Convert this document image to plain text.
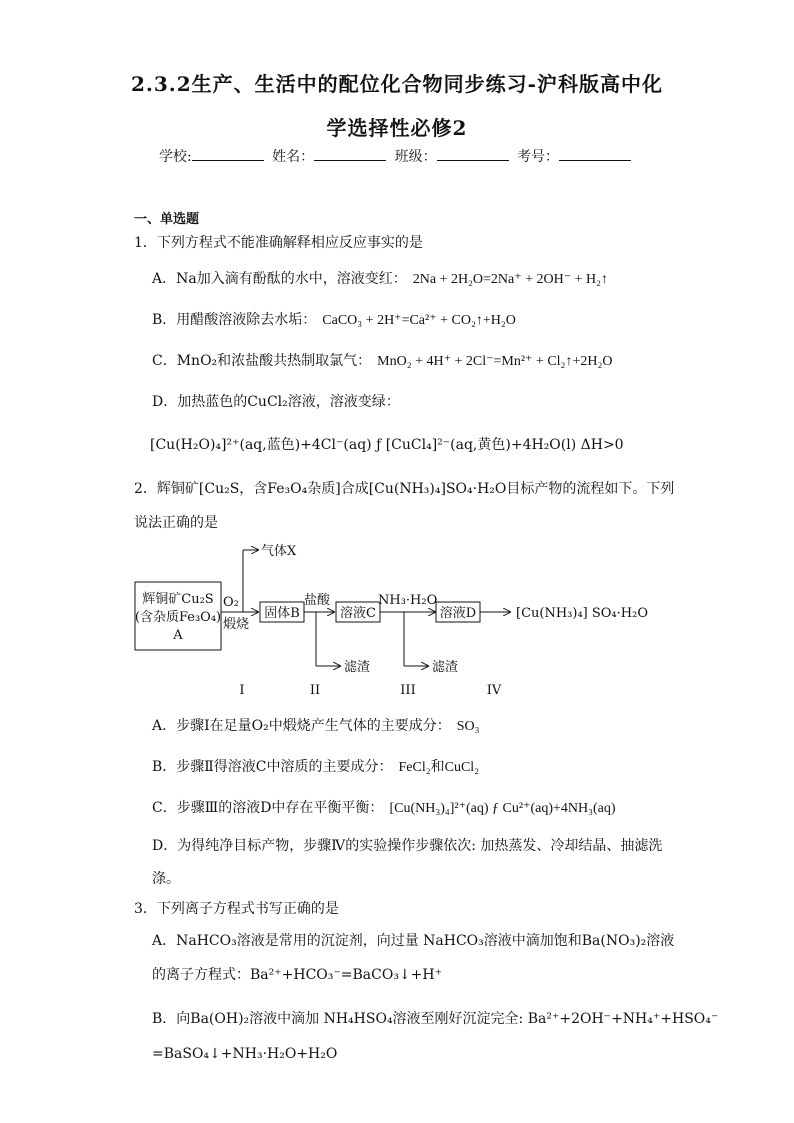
2.3.2生产、生活中的配位化合物同步练习-沪科版高中化
学选择性必修2
学校:	姓名：	班级：	考号：
一、单选题
1．下列方程式不能准确解释相应反应事实的是
A．Na加入滴有酚酞的水中，溶液变红： 2Na + 2H₂O=2Na⁺ + 2OH⁻ + H₂↑
B．用醋酸溶液除去水垢： CaCO₃ + 2H⁺=Ca²⁺ + CO₂↑+H₂O
C．MnO₂和浓盐酸共热制取氯气： MnO₂ + 4H⁺ + 2Cl⁻=Mn²⁺ + Cl₂↑+2H₂O
D．加热蓝色的CuCl₂溶液，溶液变绿：
[Cu(H₂O)₄]²⁺(aq,蓝色)+4Cl⁻(aq) ƒ [CuCl₄]²⁻(aq,黄色)+4H₂O(l) ΔH>0
2．辉铜矿[Cu₂S，含Fe₃O₄杂质]合成[Cu(NH₃)₄]SO₄·H₂O目标产物的流程如下。下列
说法正确的是
辉铜矿Cu₂S
(含杂质Fe₃O₄)
A
O₂
煅烧
气体X
固体B
盐酸
滤渣
溶液C
NH₃·H₂O
滤渣
溶液D	[Cu(NH₃)₄] SO₄·H₂O
I	II	III	IV
A．步骤Ⅰ在足量O₂中煅烧产生气体的主要成分： SO₃
B．步骤Ⅱ得溶液C中溶质的主要成分： FeCl₂和CuCl₂
C．步骤Ⅲ的溶液D中存在平衡平衡： [Cu(NH₃)₄]²⁺(aq) ƒ Cu²⁺(aq)+4NH₃(aq)
D．为得纯净目标产物，步骤Ⅳ的实验操作步骤依次: 加热蒸发、冷却结晶、抽滤洗
涤。
3．下列离子方程式书写正确的是
A．NaHCO₃溶液是常用的沉淀剂，向过量 NaHCO₃溶液中滴加饱和Ba(NO₃)₂溶液
的离子方程式：Ba²⁺+HCO₃⁻=BaCO₃↓+H⁺
B．向Ba(OH)₂溶液中滴加 NH₄HSO₄溶液至刚好沉淀完全: Ba²⁺+2OH⁻+NH₄⁺+HSO₄⁻
=BaSO₄↓+NH₃·H₂O+H₂O
